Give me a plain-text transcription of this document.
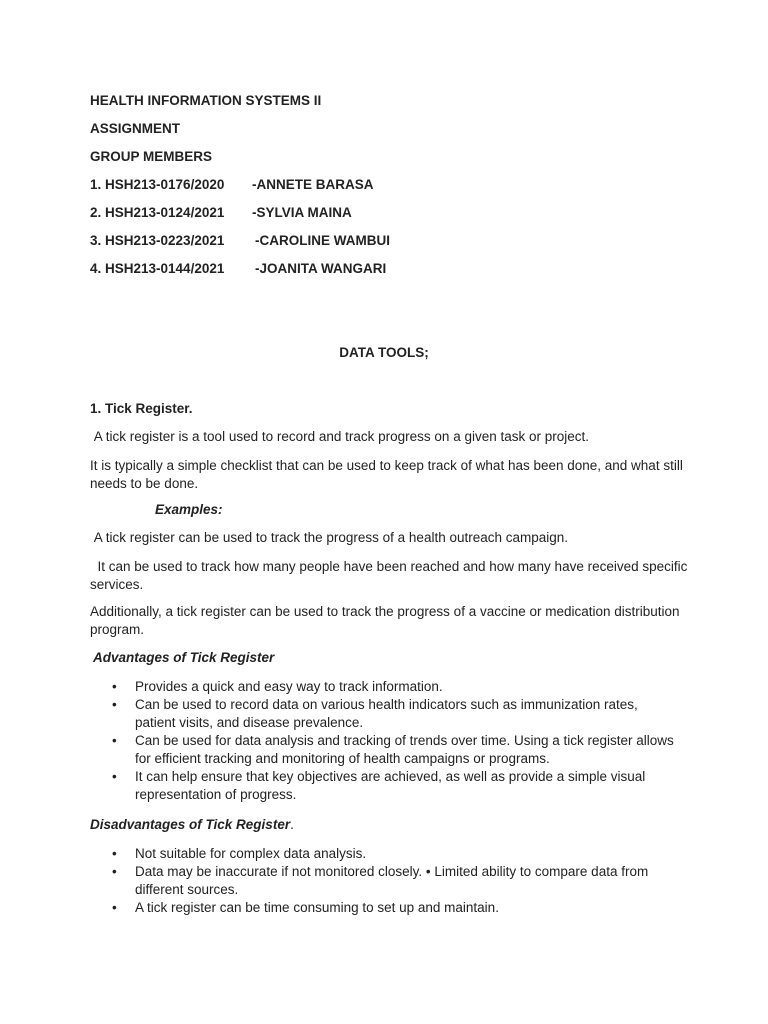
HEALTH INFORMATION SYSTEMS II

ASSIGNMENT

GROUP MEMBERS

1. HSH213-0176/2020 -ANNETE BARASA
2. HSH213-0124/2021 -SYLVIA MAINA
3. HSH213-0223/2021 -CAROLINE WAMBUI
4. HSH213-0144/2021 -JOANITA WANGARI

DATA TOOLS;

1. Tick Register.

A tick register is a tool used to record and track progress on a given task or project.

It is typically a simple checklist that can be used to keep track of what has been done, and what still needs to be done.

Examples:

A tick register can be used to track the progress of a health outreach campaign.

It can be used to track how many people have been reached and how many have received specific services.

Additionally, a tick register can be used to track the progress of a vaccine or medication distribution program.

Advantages of Tick Register

• Provides a quick and easy way to track information.
• Can be used to record data on various health indicators such as immunization rates, patient visits, and disease prevalence.
• Can be used for data analysis and tracking of trends over time. Using a tick register allows for efficient tracking and monitoring of health campaigns or programs.
• It can help ensure that key objectives are achieved, as well as provide a simple visual representation of progress.

Disadvantages of Tick Register.

• Not suitable for complex data analysis.
• Data may be inaccurate if not monitored closely. • Limited ability to compare data from different sources.
• A tick register can be time consuming to set up and maintain.
